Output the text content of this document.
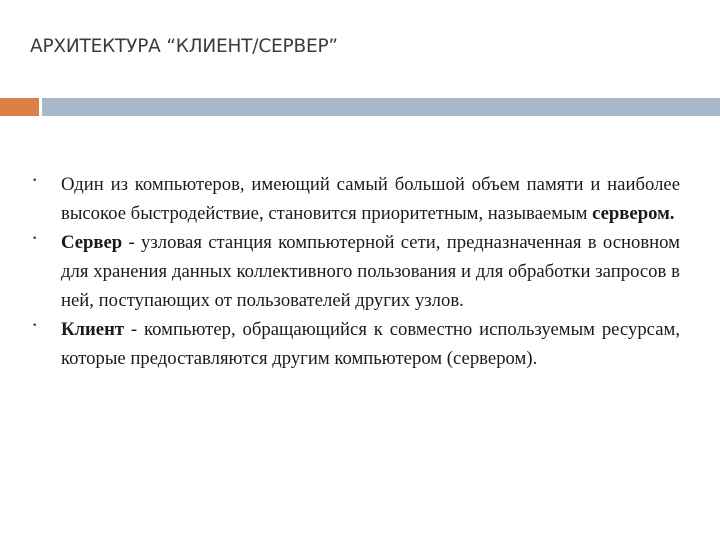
АРХИТЕКТУРА “КЛИЕНТ/СЕРВЕР”
• Один из компьютеров, имеющий самый большой объем памяти и наиболее высокое быстродействие, становится приоритетным, называемым сервером.
• Сервер - узловая станция компьютерной сети, предназначенная в основном для хранения данных коллективного пользования и для обработки запросов в ней, поступающих от пользователей других узлов.
• Клиент - компьютер, обращающийся к совместно используемым ресурсам, которые предоставляются другим компьютером (сервером).
